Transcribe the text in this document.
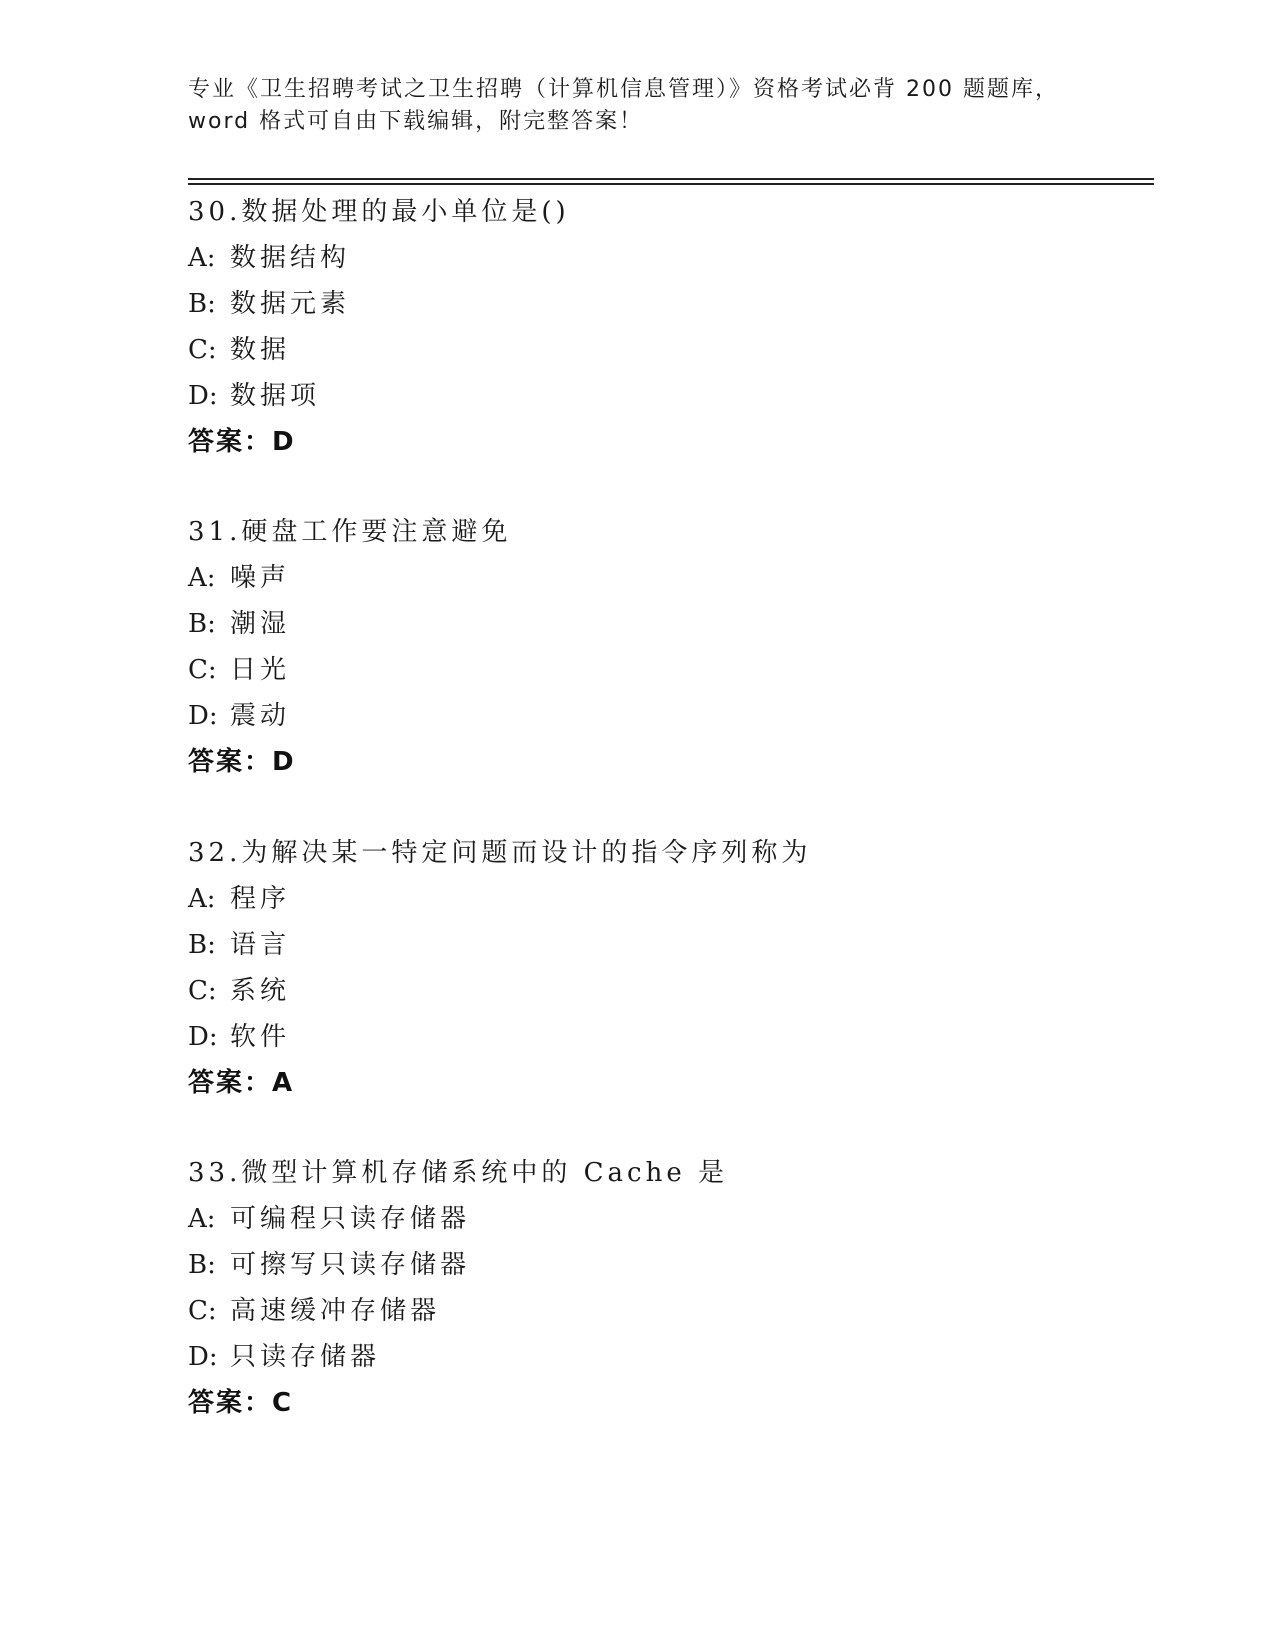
专业《卫生招聘考试之卫生招聘（计算机信息管理）》资格考试必背 200 题题库，
word 格式可自由下载编辑，附完整答案！
30.数据处理的最小单位是()
A: 数据结构
B: 数据元素
C: 数据
D: 数据项
答案：D
31.硬盘工作要注意避免
A: 噪声
B: 潮湿
C: 日光
D: 震动
答案：D
32.为解决某一特定问题而设计的指令序列称为
A: 程序
B: 语言
C: 系统
D: 软件
答案：A
33.微型计算机存储系统中的 Cache 是
A: 可编程只读存储器
B: 可擦写只读存储器
C: 高速缓冲存储器
D: 只读存储器
答案：C
